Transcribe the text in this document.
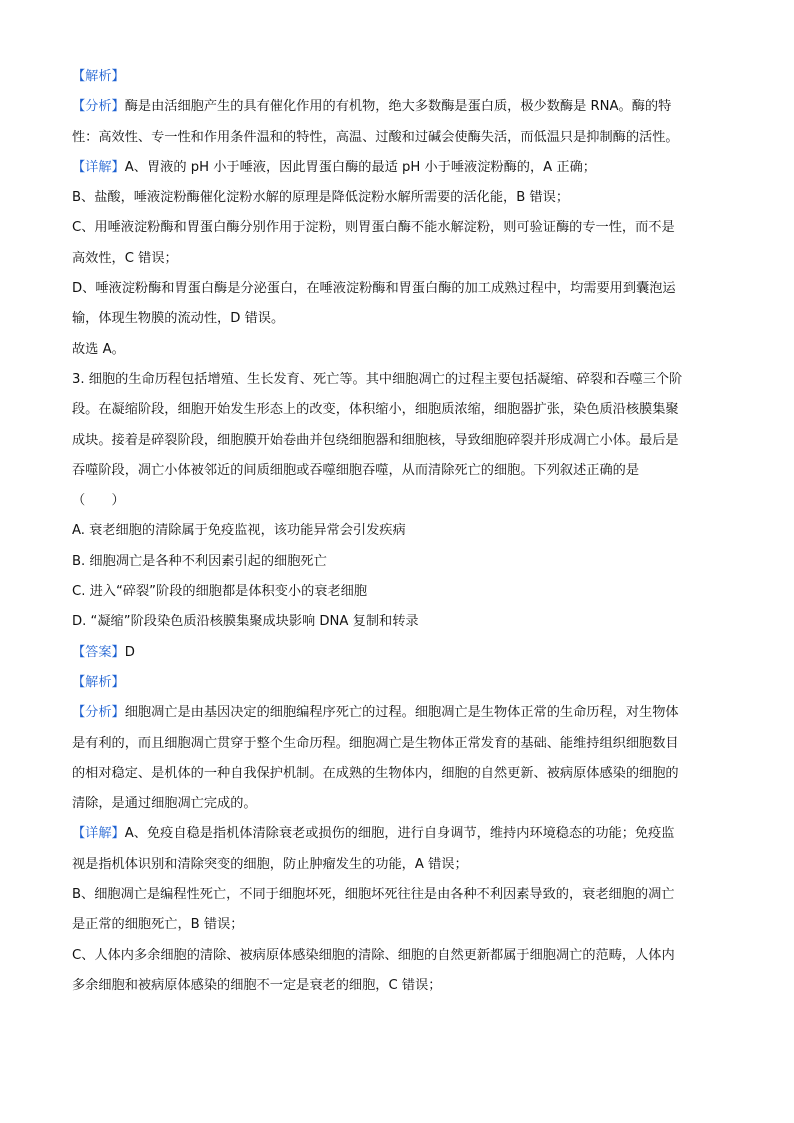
【解析】
【分析】酶是由活细胞产生的具有催化作用的有机物，绝大多数酶是蛋白质，极少数酶是 RNA。酶的特
性：高效性、专一性和作用条件温和的特性，高温、过酸和过碱会使酶失活，而低温只是抑制酶的活性。
【详解】A、胃液的 pH 小于唾液，因此胃蛋白酶的最适 pH 小于唾液淀粉酶的，A 正确；
B、盐酸，唾液淀粉酶催化淀粉水解的原理是降低淀粉水解所需要的活化能，B 错误；
C、用唾液淀粉酶和胃蛋白酶分别作用于淀粉，则胃蛋白酶不能水解淀粉，则可验证酶的专一性，而不是
高效性，C 错误；
D、唾液淀粉酶和胃蛋白酶是分泌蛋白，在唾液淀粉酶和胃蛋白酶的加工成熟过程中，均需要用到囊泡运
输，体现生物膜的流动性，D 错误。
故选 A。
3. 细胞的生命历程包括增殖、生长发育、死亡等。其中细胞凋亡的过程主要包括凝缩、碎裂和吞噬三个阶
段。在凝缩阶段，细胞开始发生形态上的改变，体积缩小，细胞质浓缩，细胞器扩张，染色质沿核膜集聚
成块。接着是碎裂阶段，细胞膜开始卷曲并包绕细胞器和细胞核，导致细胞碎裂并形成凋亡小体。最后是
吞噬阶段，凋亡小体被邻近的间质细胞或吞噬细胞吞噬，从而清除死亡的细胞。下列叙述正确的是
（　　）
A. 衰老细胞的清除属于免疫监视，该功能异常会引发疾病
B. 细胞凋亡是各种不利因素引起的细胞死亡
C. 进入“碎裂”阶段的细胞都是体积变小的衰老细胞
D. “凝缩”阶段染色质沿核膜集聚成块影响 DNA 复制和转录
【答案】D
【解析】
【分析】细胞凋亡是由基因决定的细胞编程序死亡的过程。细胞凋亡是生物体正常的生命历程，对生物体
是有利的，而且细胞凋亡贯穿于整个生命历程。细胞凋亡是生物体正常发育的基础、能维持组织细胞数目
的相对稳定、是机体的一种自我保护机制。在成熟的生物体内，细胞的自然更新、被病原体感染的细胞的
清除，是通过细胞凋亡完成的。
【详解】A、免疫自稳是指机体清除衰老或损伤的细胞，进行自身调节，维持内环境稳态的功能；免疫监
视是指机体识别和清除突变的细胞，防止肿瘤发生的功能，A 错误；
B、细胞凋亡是编程性死亡，不同于细胞坏死，细胞坏死往往是由各种不利因素导致的，衰老细胞的凋亡
是正常的细胞死亡，B 错误；
C、人体内多余细胞的清除、被病原体感染细胞的清除、细胞的自然更新都属于细胞凋亡的范畴，人体内
多余细胞和被病原体感染的细胞不一定是衰老的细胞，C 错误；
